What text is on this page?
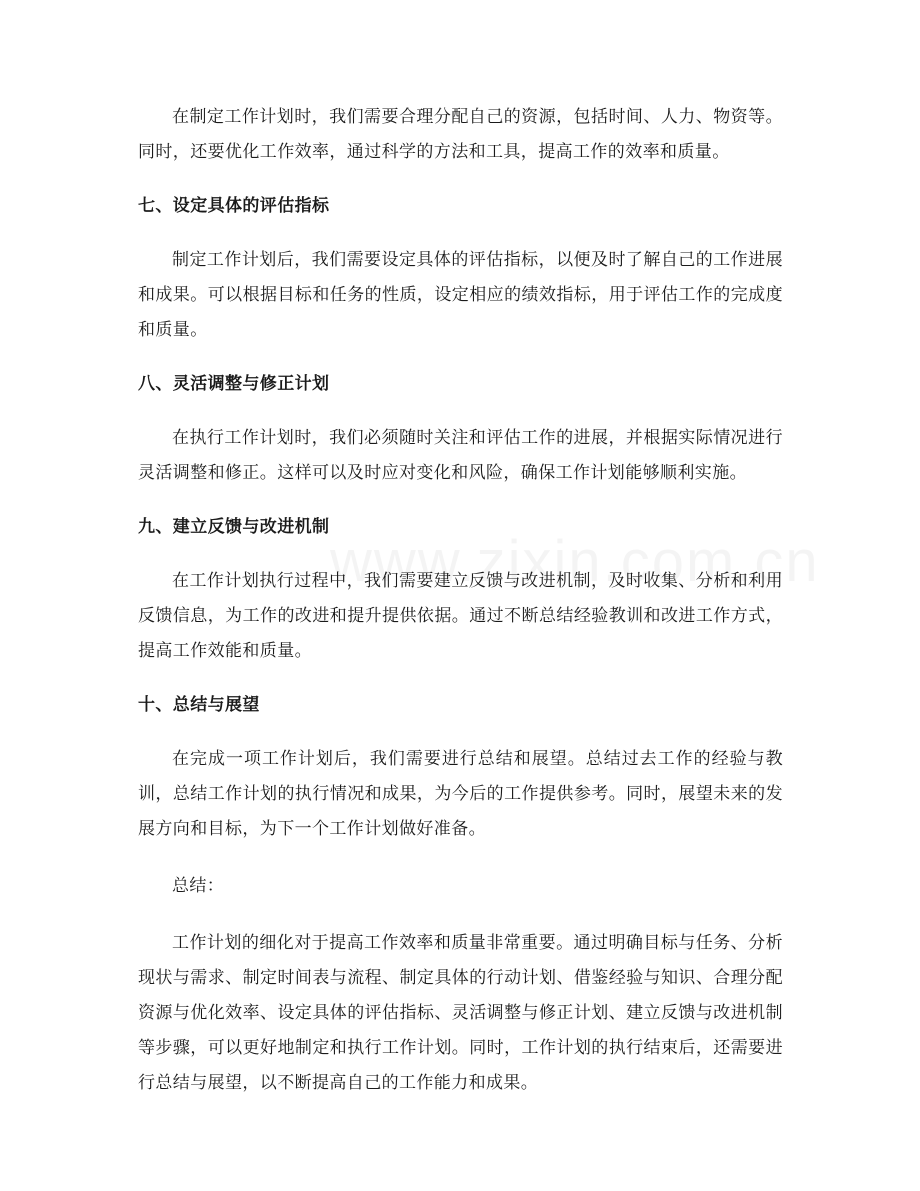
在制定工作计划时，我们需要合理分配自己的资源，包括时间、人力、物资等。同时，还要优化工作效率，通过科学的方法和工具，提高工作的效率和质量。

七、设定具体的评估指标

制定工作计划后，我们需要设定具体的评估指标，以便及时了解自己的工作进展和成果。可以根据目标和任务的性质，设定相应的绩效指标，用于评估工作的完成度和质量。

八、灵活调整与修正计划

在执行工作计划时，我们必须随时关注和评估工作的进展，并根据实际情况进行灵活调整和修正。这样可以及时应对变化和风险，确保工作计划能够顺利实施。

九、建立反馈与改进机制

在工作计划执行过程中，我们需要建立反馈与改进机制，及时收集、分析和利用反馈信息，为工作的改进和提升提供依据。通过不断总结经验教训和改进工作方式，提高工作效能和质量。

十、总结与展望

在完成一项工作计划后，我们需要进行总结和展望。总结过去工作的经验与教训，总结工作计划的执行情况和成果，为今后的工作提供参考。同时，展望未来的发展方向和目标，为下一个工作计划做好准备。

总结：

工作计划的细化对于提高工作效率和质量非常重要。通过明确目标与任务、分析现状与需求、制定时间表与流程、制定具体的行动计划、借鉴经验与知识、合理分配资源与优化效率、设定具体的评估指标、灵活调整与修正计划、建立反馈与改进机制等步骤，可以更好地制定和执行工作计划。同时，工作计划的执行结束后，还需要进行总结与展望，以不断提高自己的工作能力和成果。
